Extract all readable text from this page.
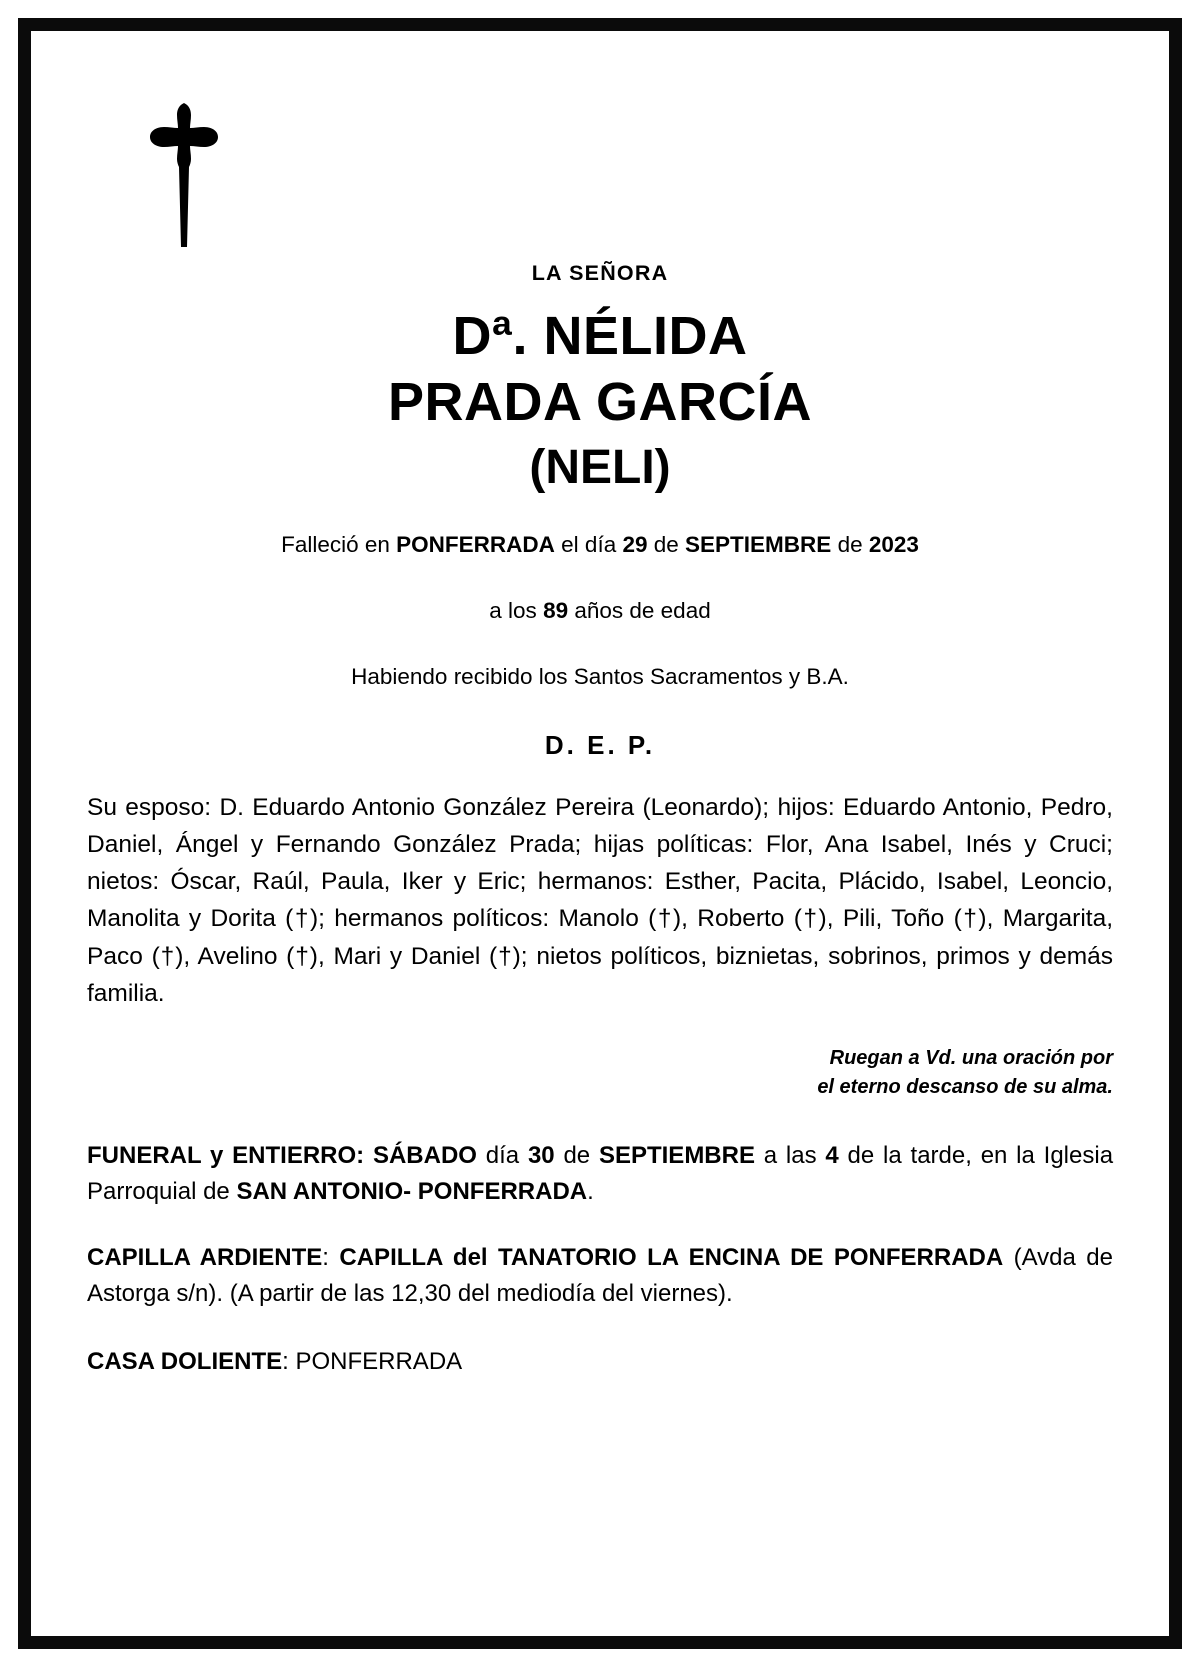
LA SEÑORA

Dª. NÉLIDA
PRADA GARCÍA

(NELI)

Falleció en PONFERRADA el día 29 de SEPTIEMBRE de 2023

a los 89 años de edad

Habiendo recibido los Santos Sacramentos y B.A.

D. E. P.

Su esposo: D. Eduardo Antonio González Pereira (Leonardo); hijos: Eduardo Antonio, Pedro, Daniel, Ángel y Fernando González Prada; hijas políticas: Flor, Ana Isabel, Inés y Cruci; nietos: Óscar, Raúl, Paula, Iker y Eric; hermanos: Esther, Pacita, Plácido, Isabel, Leoncio, Manolita y Dorita (†); hermanos políticos: Manolo (†), Roberto (†), Pili, Toño (†), Margarita, Paco (†), Avelino (†), Mari y Daniel (†); nietos políticos, biznietas, sobrinos, primos y demás familia.

Ruegan a Vd. una oración por
el eterno descanso de su alma.

FUNERAL y ENTIERRO: SÁBADO día 30 de SEPTIEMBRE a las 4 de la tarde, en la Iglesia Parroquial de SAN ANTONIO- PONFERRADA.

CAPILLA ARDIENTE: CAPILLA del TANATORIO LA ENCINA DE PONFERRADA (Avda de Astorga s/n). (A partir de las 12,30 del mediodía del viernes).

CASA DOLIENTE: PONFERRADA
